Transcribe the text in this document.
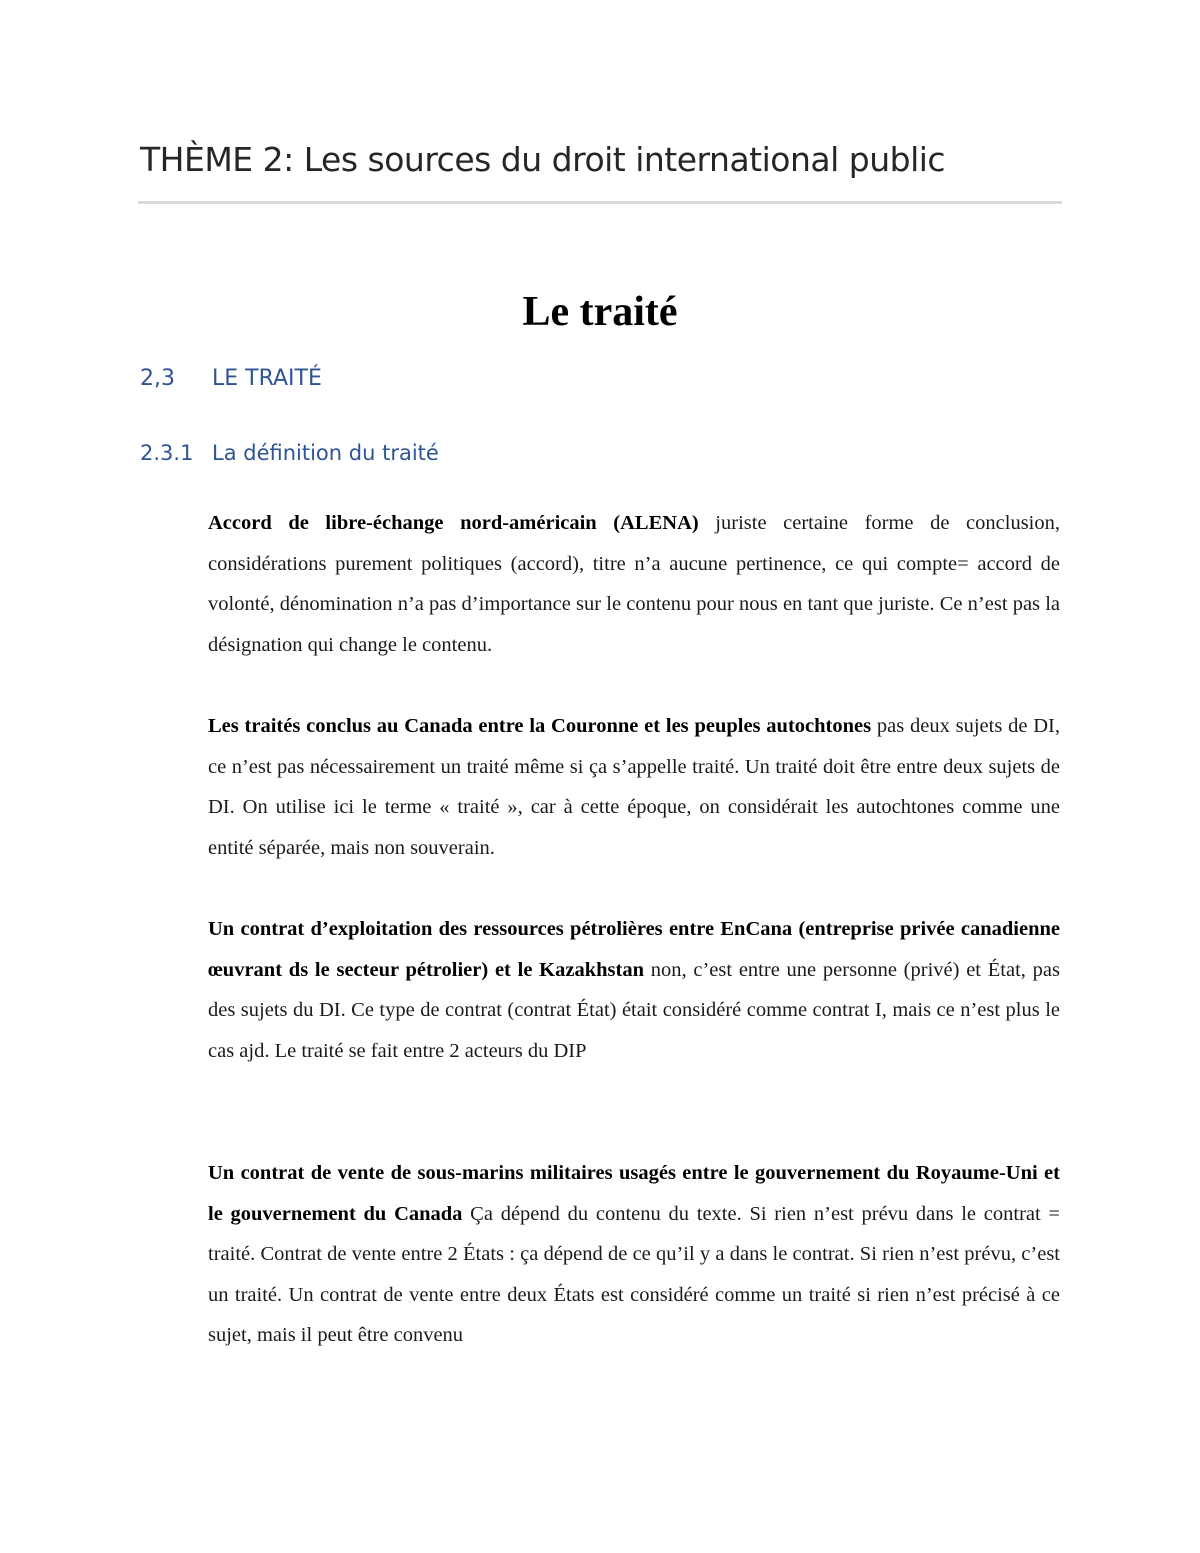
THÈME 2: Les sources du droit international public
Le traité
2,3 LE TRAITÉ
2.3.1 La définition du traité

Accord de libre-échange nord-américain (ALENA) juriste certaine forme de conclusion, considérations purement politiques (accord), titre n’a aucune pertinence, ce qui compte= accord de volonté, dénomination n’a pas d’importance sur le contenu pour nous en tant que juriste. Ce n’est pas la désignation qui change le contenu.

Les traités conclus au Canada entre la Couronne et les peuples autochtones pas deux sujets de DI, ce n’est pas nécessairement un traité même si ça s’appelle traité. Un traité doit être entre deux sujets de DI. On utilise ici le terme « traité », car à cette époque, on considérait les autochtones comme une entité séparée, mais non souverain.

Un contrat d’exploitation des ressources pétrolières entre EnCana (entreprise privée canadienne œuvrant ds le secteur pétrolier) et le Kazakhstan non, c’est entre une personne (privé) et État, pas des sujets du DI. Ce type de contrat (contrat État) était considéré comme contrat I, mais ce n’est plus le cas ajd. Le traité se fait entre 2 acteurs du DIP

Un contrat de vente de sous-marins militaires usagés entre le gouvernement du Royaume-Uni et le gouvernement du Canada Ça dépend du contenu du texte. Si rien n’est prévu dans le contrat = traité. Contrat de vente entre 2 États : ça dépend de ce qu’il y a dans le contrat. Si rien n’est prévu, c’est un traité. Un contrat de vente entre deux États est considéré comme un traité si rien n’est précisé à ce sujet, mais il peut être convenu
